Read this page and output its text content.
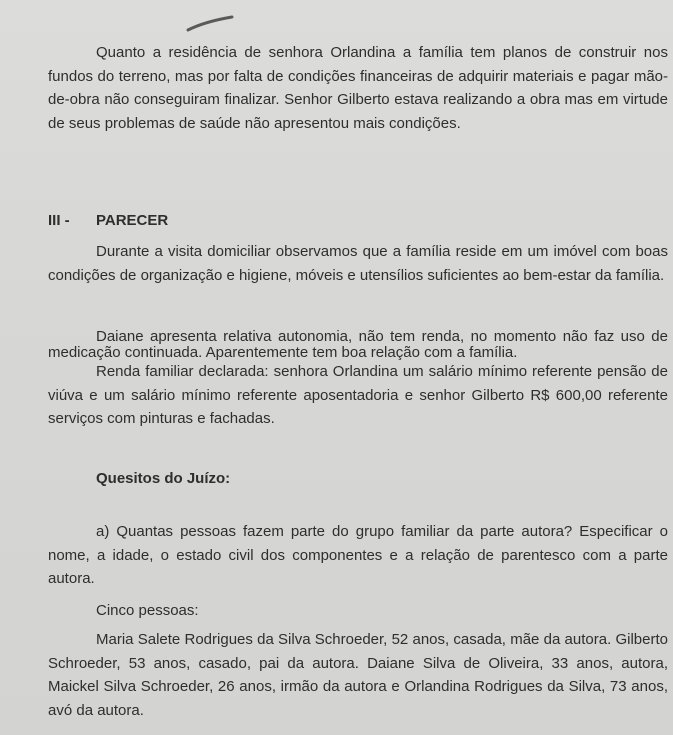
Quanto a residência de senhora Orlandina a família tem planos de construir nos fundos do terreno, mas por falta de condições financeiras de adquirir materiais e pagar mão-de-obra não conseguiram finalizar. Senhor Gilberto estava realizando a obra mas em virtude de seus problemas de saúde não apresentou mais condições.

III - PARECER

Durante a visita domiciliar observamos que a família reside em um imóvel com boas condições de organização e higiene, móveis e utensílios suficientes ao bem-estar da família.

Daiane apresenta relativa autonomia, não tem renda, no momento não faz uso de medicação continuada. Aparentemente tem boa relação com a família.

Renda familiar declarada: senhora Orlandina um salário mínimo referente pensão de viúva e um salário mínimo referente aposentadoria e senhor Gilberto R$ 600,00 referente serviços com pinturas e fachadas.

Quesitos do Juízo:

a) Quantas pessoas fazem parte do grupo familiar da parte autora? Especificar o nome, a idade, o estado civil dos componentes e a relação de parentesco com a parte autora.

Cinco pessoas:

Maria Salete Rodrigues da Silva Schroeder, 52 anos, casada, mãe da autora. Gilberto Schroeder, 53 anos, casado, pai da autora. Daiane Silva de Oliveira, 33 anos, autora, Maickel Silva Schroeder, 26 anos, irmão da autora e Orlandina Rodrigues da Silva, 73 anos, avó da autora.
